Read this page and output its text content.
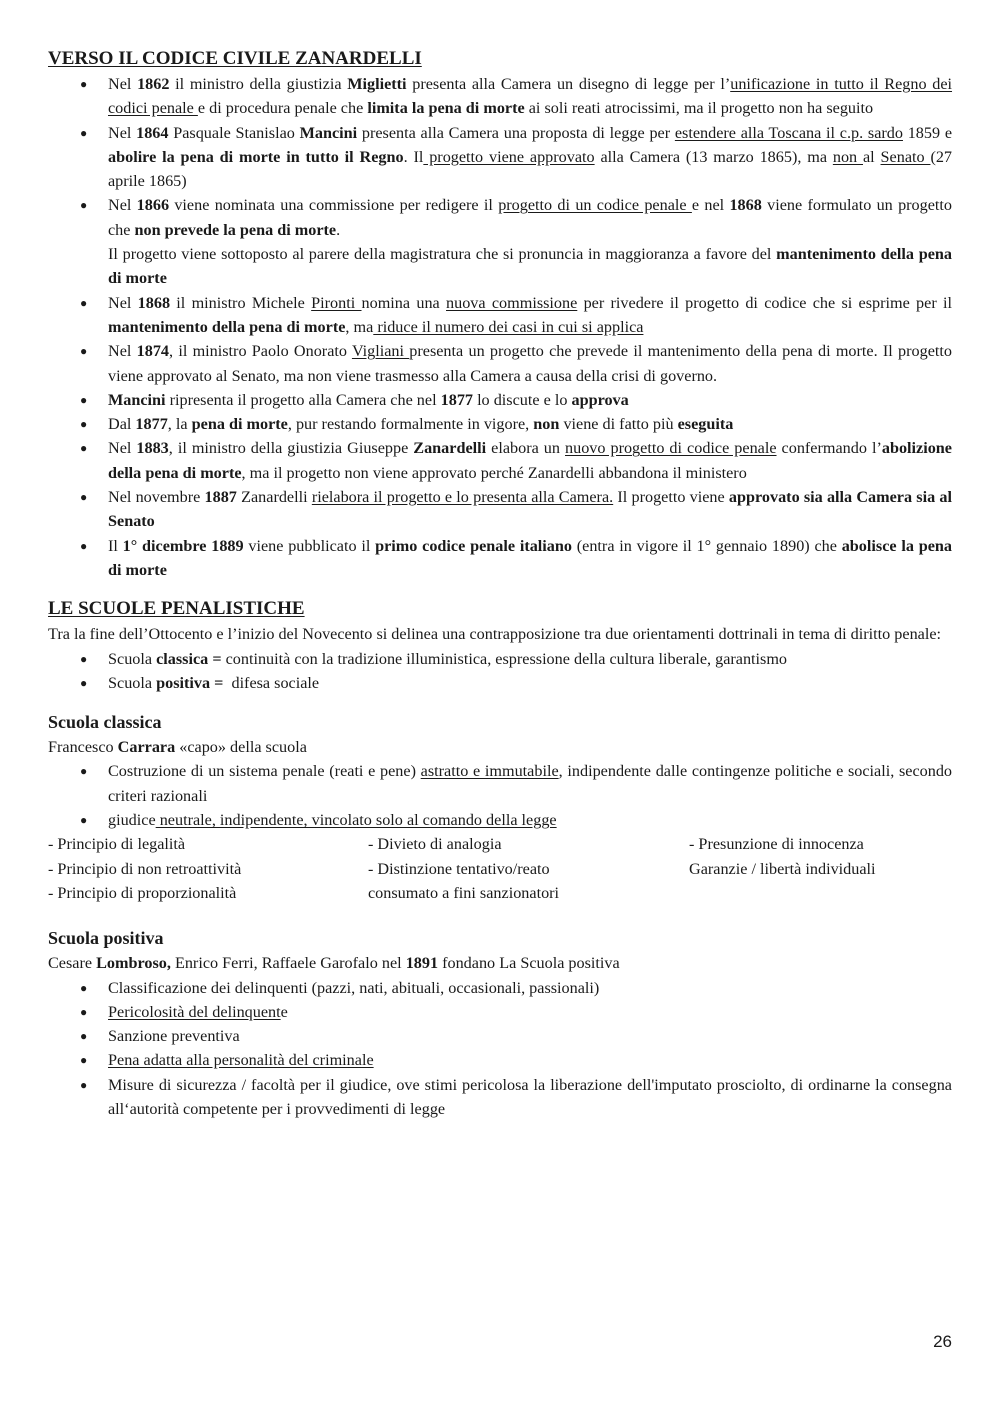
VERSO IL CODICE CIVILE ZANARDELLI
● Nel 1862 il ministro della giustizia Miglietti presenta alla Camera un disegno di legge per l’unificazione in tutto il Regno dei codici penale e di procedura penale che limita la pena di morte ai soli reati atrocissimi, ma il progetto non ha seguito
● Nel 1864 Pasquale Stanislao Mancini presenta alla Camera una proposta di legge per estendere alla Toscana il c.p. sardo 1859 e abolire la pena di morte in tutto il Regno. Il progetto viene approvato alla Camera (13 marzo 1865), ma non al Senato (27 aprile 1865)
● Nel 1866 viene nominata una commissione per redigere il progetto di un codice penale e nel 1868 viene formulato un progetto che non prevede la pena di morte.
Il progetto viene sottoposto al parere della magistratura che si pronuncia in maggioranza a favore del mantenimento della pena di morte
● Nel 1868 il ministro Michele Pironti nomina una nuova commissione per rivedere il progetto di codice che si esprime per il mantenimento della pena di morte, ma riduce il numero dei casi in cui si applica
● Nel 1874, il ministro Paolo Onorato Vigliani presenta un progetto che prevede il mantenimento della pena di morte. Il progetto viene approvato al Senato, ma non viene trasmesso alla Camera a causa della crisi di governo.
● Mancini ripresenta il progetto alla Camera che nel 1877 lo discute e lo approva
● Dal 1877, la pena di morte, pur restando formalmente in vigore, non viene di fatto più eseguita
● Nel 1883, il ministro della giustizia Giuseppe Zanardelli elabora un nuovo progetto di codice penale confermando l’abolizione della pena di morte, ma il progetto non viene approvato perché Zanardelli abbandona il ministero
● Nel novembre 1887 Zanardelli rielabora il progetto e lo presenta alla Camera. Il progetto viene approvato sia alla Camera sia al Senato
● Il 1° dicembre 1889 viene pubblicato il primo codice penale italiano (entra in vigore il 1° gennaio 1890) che abolisce la pena di morte
LE SCUOLE PENALISTICHE

Tra la fine dell’Ottocento e l’inizio del Novecento si delinea una contrapposizione tra due orientamenti dottrinali in tema di diritto penale:

● Scuola classica = continuità con la tradizione illuministica, espressione della cultura liberale, garantismo
● Scuola positiva =  difesa sociale
Scuola classica

Francesco Carrara «capo» della scuola

● Costruzione di un sistema penale (reati e pene) astratto e immutabile, indipendente dalle contingenze politiche e sociali, secondo criteri razionali
● giudice neutrale, indipendente, vincolato solo al comando della legge
- Principio di legalità	- Divieto di analogia	- Presunzione di innocenza
- Principio di non retroattività	- Distinzione tentativo/reato	Garanzie / libertà individuali
- Principio di proporzionalità	consumato a fini sanzionatori
Scuola positiva

Cesare Lombroso, Enrico Ferri, Raffaele Garofalo nel 1891 fondano La Scuola positiva

● Classificazione dei delinquenti (pazzi, nati, abituali, occasionali, passionali)
● Pericolosità del delinquente
● Sanzione preventiva
● Pena adatta alla personalità del criminale
● Misure di sicurezza / facoltà per il giudice, ove stimi pericolosa la liberazione dell'imputato prosciolto, di ordinarne la consegna all‘autorità competente per i provvedimenti di legge
26
